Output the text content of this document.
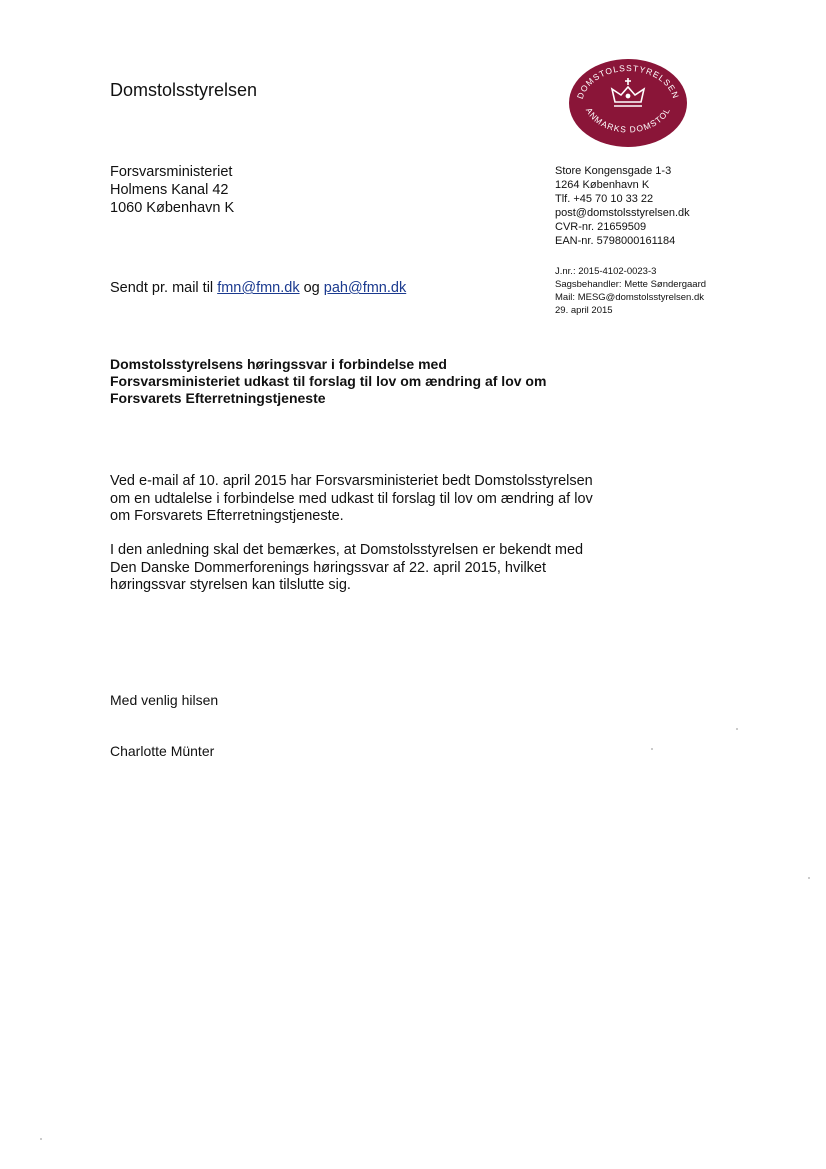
Domstolsstyrelsen	DOMSTOLSSTYRELSEN
ANMARKS DOMSTOL
Forsvarsministeriet
Holmens Kanal 42
1060 København K
Store Kongensgade 1-3
1264 København K
Tlf. +45 70 10 33 22
post@domstolsstyrelsen.dk
CVR-nr. 21659509
EAN-nr. 5798000161184
J.nr.: 2015-4102-0023-3
Sagsbehandler: Mette Søndergaard
Mail: MESG@domstolsstyrelsen.dk
29. april 2015
Sendt pr. mail til fmn@fmn.dk og pah@fmn.dk
Domstolsstyrelsens høringssvar i forbindelse med
Forsvarsministeriet udkast til forslag til lov om ændring af lov om
Forsvarets Efterretningstjeneste
Ved e-mail af 10. april 2015 har Forsvarsministeriet bedt Domstolsstyrelsen
om en udtalelse i forbindelse med udkast til forslag til lov om ændring af lov
om Forsvarets Efterretningstjeneste.
I den anledning skal det bemærkes, at Domstolsstyrelsen er bekendt med
Den Danske Dommerforenings høringssvar af 22. april 2015, hvilket
høringssvar styrelsen kan tilslutte sig.
Med venlig hilsen
Charlotte Münter
